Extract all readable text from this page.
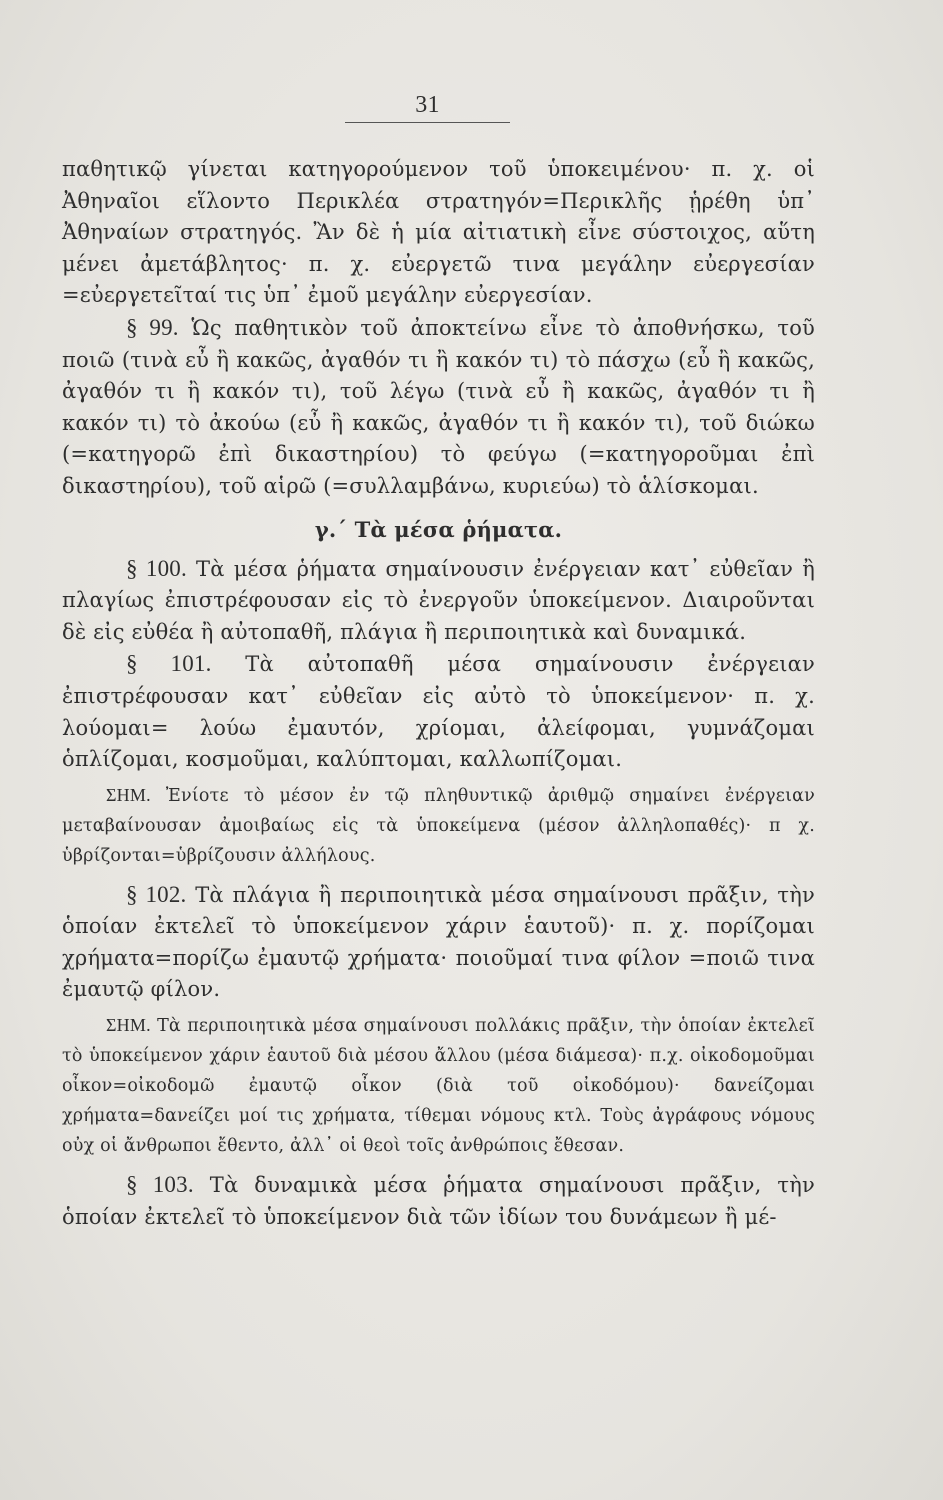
31

παθητικῷ γίνεται κατηγορούμενον τοῦ ὑποκειμένου· π. χ. οἱ Ἀθηναῖοι εἵλοντο Περικλέα στρατηγόν=Περικλῆς ᾑρέθη ὑπ᾽ Ἀθηναίων στρατηγός. Ἂν δὲ ἡ μία αἰτιατικὴ εἶνε σύστοιχος, αὕτη μένει ἀμετάβλητος· π. χ. εὐεργετῶ τινα μεγάλην εὐεργεσίαν =εὐεργετεῖταί τις ὑπ᾽ ἐμοῦ μεγάλην εὐεργεσίαν.

§ 99. Ὡς παθητικὸν τοῦ ἀποκτείνω εἶνε τὸ ἀποθνήσκω, τοῦ ποιῶ (τινὰ εὖ ἢ κακῶς, ἀγαθόν τι ἢ κακόν τι) τὸ πάσχω (εὖ ἢ κακῶς, ἀγαθόν τι ἢ κακόν τι), τοῦ λέγω (τινὰ εὖ ἢ κακῶς, ἀγαθόν τι ἢ κακόν τι) τὸ ἀκούω (εὖ ἢ κακῶς, ἀγαθόν τι ἢ κακόν τι), τοῦ διώκω (=κατηγορῶ ἐπὶ δικαστηρίου) τὸ φεύγω (=κατηγοροῦμαι ἐπὶ δικαστηρίου), τοῦ αἱρῶ (=συλλαμβάνω, κυριεύω) τὸ ἁλίσκομαι.

γ.΄ Τὰ μέσα ῥήματα.

§ 100. Τὰ μέσα ῥήματα σημαίνουσιν ἐνέργειαν κατ᾽ εὐθεῖαν ἢ πλαγίως ἐπιστρέφουσαν εἰς τὸ ἐνεργοῦν ὑποκείμενον. Διαιροῦνται δὲ εἰς εὐθέα ἢ αὐτοπαθῆ, πλάγια ἢ περιποιητικὰ καὶ δυναμικά.

§ 101. Τὰ αὐτοπαθῆ μέσα σημαίνουσιν ἐνέργειαν ἐπιστρέφουσαν κατ᾽ εὐθεῖαν εἰς αὐτὸ τὸ ὑποκείμενον· π. χ. λούομαι= λούω ἐμαυτόν, χρίομαι, ἀλείφομαι, γυμνάζομαι ὁπλίζομαι, κοσμοῦμαι, καλύπτομαι, καλλωπίζομαι.

ΣΗΜ. Ἐνίοτε τὸ μέσον ἐν τῷ πληθυντικῷ ἀριθμῷ σημαίνει ἐνέργειαν μεταβαίνουσαν ἀμοιβαίως εἰς τὰ ὑποκείμενα (μέσον ἀλληλοπαθές)· π χ. ὑβρίζονται=ὑβρίζουσιν ἀλλήλους.

§ 102. Τὰ πλάγια ἢ περιποιητικὰ μέσα σημαίνουσι πρᾶξιν, τὴν ὁποίαν ἐκτελεῖ τὸ ὑποκείμενον χάριν ἑαυτοῦ)· π. χ. πορίζομαι χρήματα=πορίζω ἐμαυτῷ χρήματα· ποιοῦμαί τινα φίλον =ποιῶ τινα ἐμαυτῷ φίλον.

ΣΗΜ. Τὰ περιποιητικὰ μέσα σημαίνουσι πολλάκις πρᾶξιν, τὴν ὁποίαν ἐκτελεῖ τὸ ὑποκείμενον χάριν ἑαυτοῦ διὰ μέσου ἄλλου (μέσα διάμεσα)· π.χ. οἰκοδομοῦμαι οἶκον=οἰκοδομῶ ἐμαυτῷ οἶκον (διὰ τοῦ οἰκοδόμου)· δανείζομαι χρήματα=δανείζει μοί τις χρήματα, τίθεμαι νόμους κτλ. Τοὺς ἀγράφους νόμους οὐχ οἱ ἄνθρωποι ἔθεντο, ἀλλ᾽ οἱ θεοὶ τοῖς ἀνθρώποις ἔθεσαν.

§ 103. Τὰ δυναμικὰ μέσα ῥήματα σημαίνουσι πρᾶξιν, τὴν ὁποίαν ἐκτελεῖ τὸ ὑποκείμενον διὰ τῶν ἰδίων του δυνάμεων ἢ μέ-
